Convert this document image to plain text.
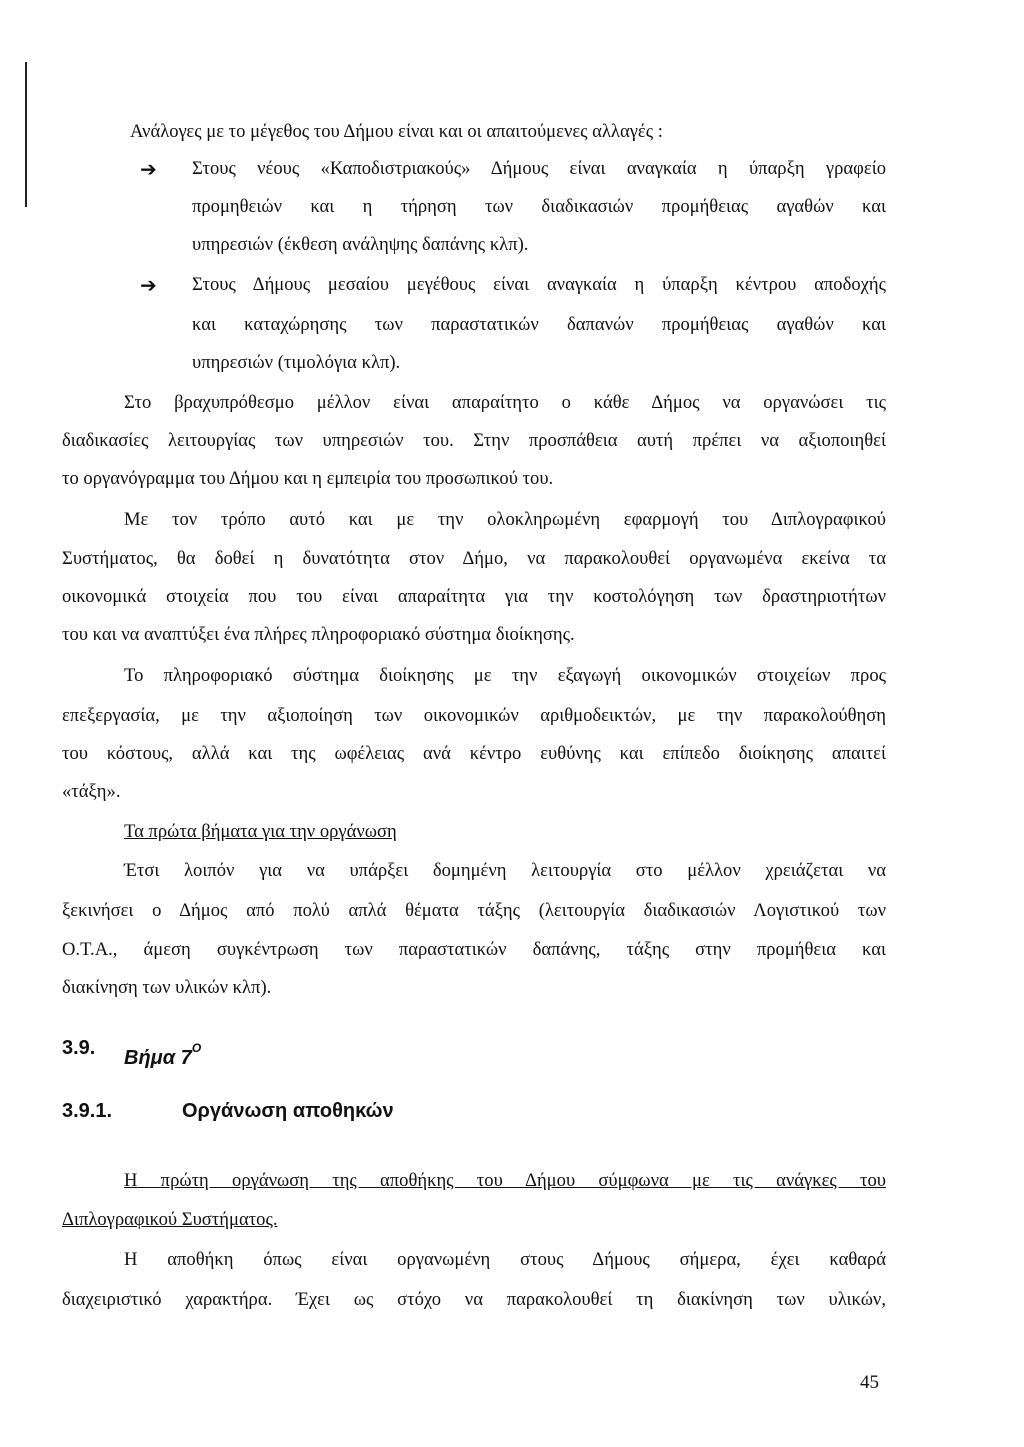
Ανάλογες με το μέγεθος του Δήμου είναι και οι απαιτούμενες αλλαγές :
➔ Στους νέους «Καποδιστριακούς» Δήμους είναι αναγκαία η ύπαρξη γραφείο
προμηθειών και η τήρηση των διαδικασιών προμήθειας αγαθών και
υπηρεσιών (έκθεση ανάληψης δαπάνης κλπ).
➔ Στους Δήμους μεσαίου μεγέθους είναι αναγκαία η ύπαρξη κέντρου αποδοχής
και καταχώρησης των παραστατικών δαπανών προμήθειας αγαθών και
υπηρεσιών (τιμολόγια κλπ).
Στο βραχυπρόθεσμο μέλλον είναι απαραίτητο ο κάθε Δήμος να οργανώσει τις
διαδικασίες λειτουργίας των υπηρεσιών του. Στην προσπάθεια αυτή πρέπει να αξιοποιηθεί
το οργανόγραμμα του Δήμου και η εμπειρία του προσωπικού του.
Με τον τρόπο αυτό και με την ολοκληρωμένη εφαρμογή του Διπλογραφικού
Συστήματος, θα δοθεί η δυνατότητα στον Δήμο, να παρακολουθεί οργανωμένα εκείνα τα
οικονομικά στοιχεία που του είναι απαραίτητα για την κοστολόγηση των δραστηριοτήτων
του και να αναπτύξει ένα πλήρες πληροφοριακό σύστημα διοίκησης.
Το πληροφοριακό σύστημα διοίκησης με την εξαγωγή οικονομικών στοιχείων προς
επεξεργασία, με την αξιοποίηση των οικονομικών αριθμοδεικτών, με την παρακολούθηση
του κόστους, αλλά και της ωφέλειας ανά κέντρο ευθύνης και επίπεδο διοίκησης απαιτεί
«τάξη».
Τα πρώτα βήματα για την οργάνωση
Έτσι λοιπόν για να υπάρξει δομημένη λειτουργία στο μέλλον χρειάζεται να
ξεκινήσει ο Δήμος από πολύ απλά θέματα τάξης (λειτουργία διαδικασιών Λογιστικού των
Ο.Τ.Α., άμεση συγκέντρωση των παραστατικών δαπάνης, τάξης στην προμήθεια και
διακίνηση των υλικών κλπ).
3.9. Βήμα $7^O$
3.9.1.	Οργάνωση αποθηκών
Η πρώτη οργάνωση της αποθήκης του Δήμου σύμφωνα με τις ανάγκες του
Διπλογραφικού Συστήματος.
Η αποθήκη όπως είναι οργανωμένη στους Δήμους σήμερα, έχει καθαρά
διαχειριστικό χαρακτήρα. Έχει ως στόχο να παρακολουθεί τη διακίνηση των υλικών,
45
